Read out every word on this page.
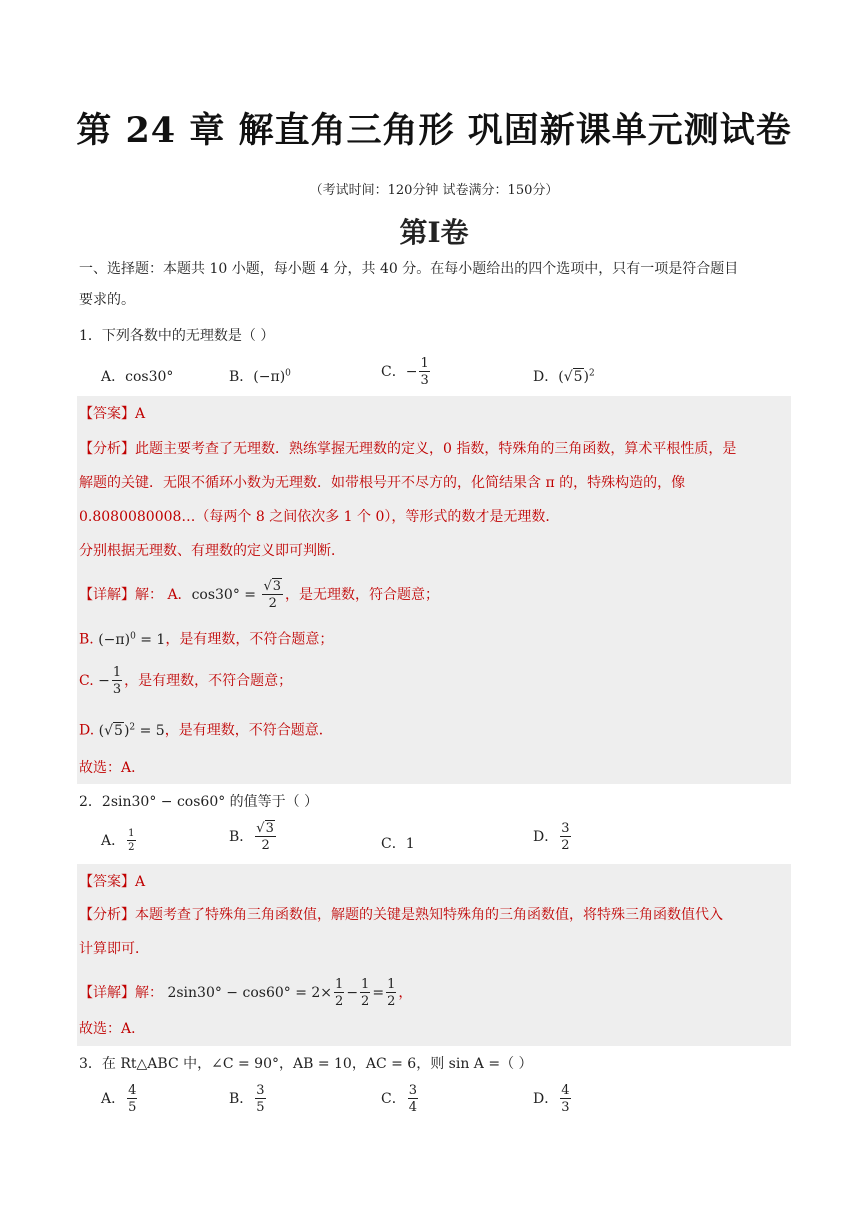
第 24 章 解直角三角形 巩固新课单元测试卷
（考试时间：120分钟 试卷满分：150分）
第I卷
一、选择题：本题共 10 小题，每小题 4 分，共 40 分。在每小题给出的四个选项中，只有一项是符合题目
要求的。
1．下列各数中的无理数是（ ）
A．cos30°	B．$(-\pi)^0$	C．− $\frac{1}{3}$	D．$(√5)^2$
【答案】A
【分析】此题主要考查了无理数．熟练掌握无理数的定义，0 指数，特殊角的三角函数，算术平根性质，是
解题的关键．无限不循环小数为无理数．如带根号开不尽方的，化简结果含 π 的，特殊构造的，像
0.8080080008…（每两个 8 之间依次多 1 个 0），等形式的数才是无理数．
分别根据无理数、有理数的定义即可判断．
【详解】解： A．$\cos 30^\circ = \frac{√3}{2}$ ，是无理数，符合题意；
B. $(-\pi)^0 = 1$，是有理数，不符合题意；
C. − $\frac{1}{3}$ ，是有理数，不符合题意；
D. $(√5)^2 = 5$，是有理数，不符合题意．
故选：A．
2．2sin30° − cos60° 的值等于（ ）
A． $\frac{1}{2}$	B． $\frac{√3}{2}$	C．1	D． $\frac{3}{2}$
【答案】A
【分析】本题考查了特殊角三角函数值，解题的关键是熟知特殊角的三角函数值，将特殊三角函数值代入
计算即可．
【详解】解： $2\sin 30^\circ - \cos 60^\circ = 2\times \frac{1}{2} - \frac{1}{2} = \frac{1}{2}$ ，
故选：A．
3．在 Rt△ABC 中，∠C = 90°，AB = 10，AC = 6，则 sin A =（ ）
A． $\frac{4}{5}$	B． $\frac{3}{5}$	C． $\frac{3}{4}$	D． $\frac{4}{3}$
